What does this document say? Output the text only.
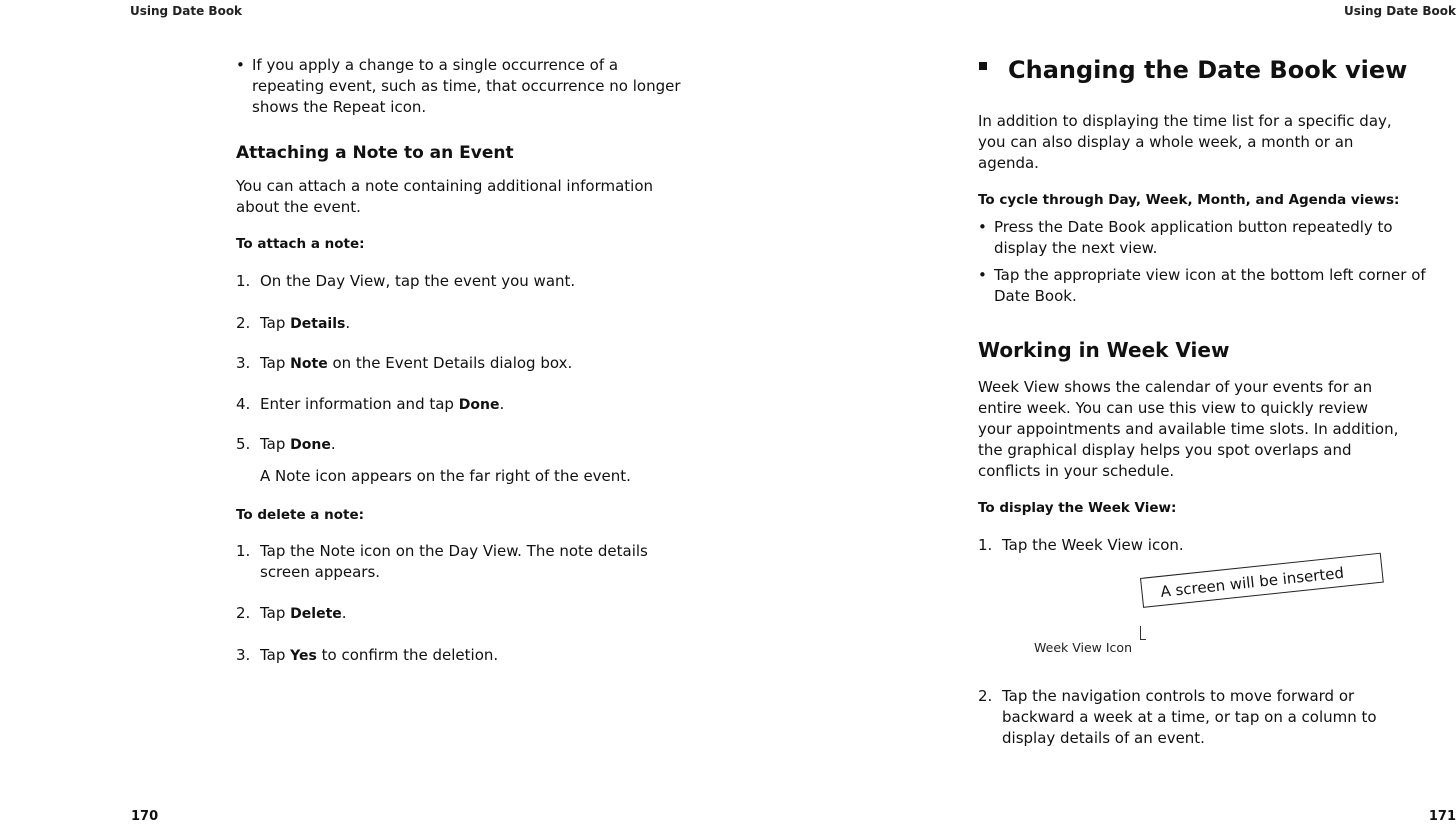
Using Date Book
• If you apply a change to a single occurrence of a
repeating event, such as time, that occurrence no longer
shows the Repeat icon.
Attaching a Note to an Event
You can attach a note containing additional information
about the event.
To attach a note:
1. On the Day View, tap the event you want.
2. Tap Details.
3. Tap Note on the Event Details dialog box.
4. Enter information and tap Done.
5. Tap Done.
A Note icon appears on the far right of the event.
To delete a note:
1. Tap the Note icon on the Day View. The note details
screen appears.
2. Tap Delete.
3. Tap Yes to confirm the deletion.
170
Using Date Book
171
Changing the Date Book view
In addition to displaying the time list for a specific day,
you can also display a whole week, a month or an
agenda.
To cycle through Day, Week, Month, and Agenda views:
• Press the Date Book application button repeatedly to
display the next view.
• Tap the appropriate view icon at the bottom left corner of
Date Book.
Working in Week View
Week View shows the calendar of your events for an
entire week. You can use this view to quickly review
your appointments and available time slots. In addition,
the graphical display helps you spot overlaps and
conflicts in your schedule.
To display the Week View:
1. Tap the Week View icon.
A screen will be inserted
Week View Icon
2. Tap the navigation controls to move forward or
backward a week at a time, or tap on a column to
display details of an event.
